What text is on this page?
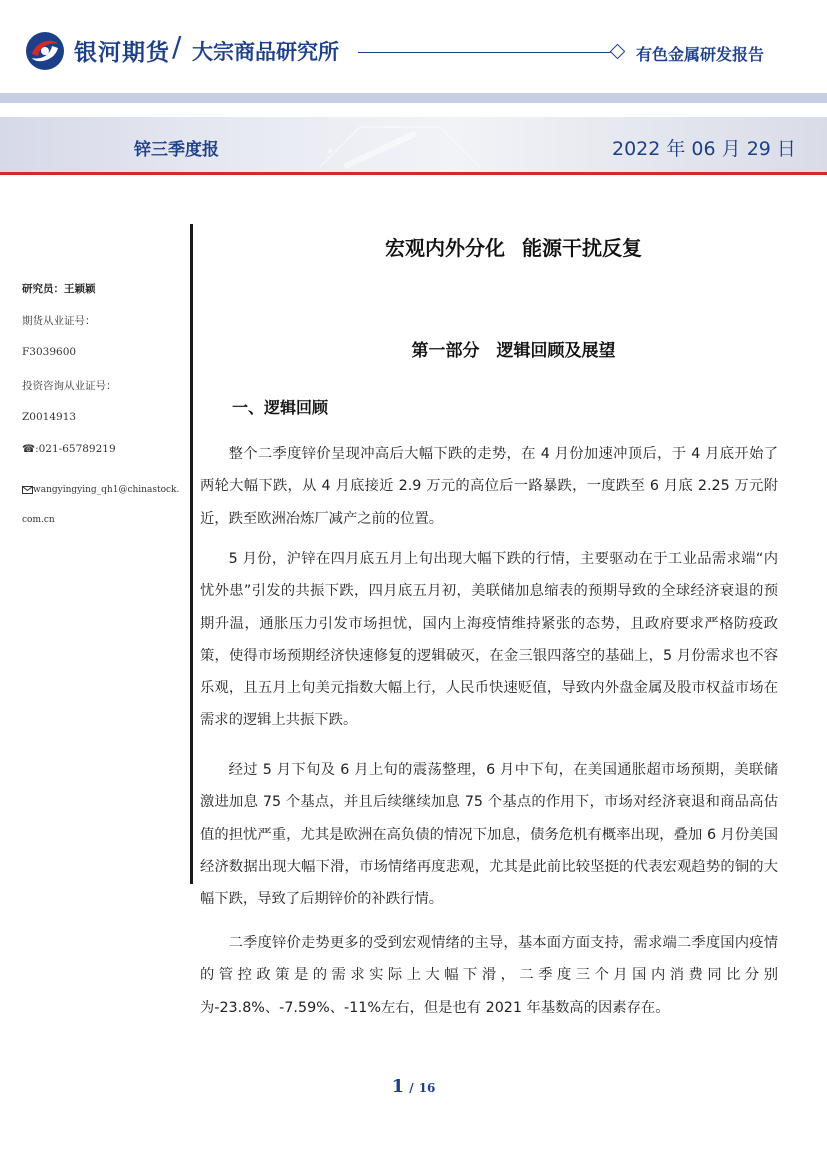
银河期货 / 大宗商品研究所	有色金属研发报告
锌三季度报	2022 年 06 月 29 日
研究员：王颖颖
期货从业证号：
F3039600
投资咨询从业证号：
Z0014913
☎:021-65789219
wangyingying_qh1@chinastock.com.cn
宏观内外分化 能源干扰反复
第一部分　逻辑回顾及展望
一、逻辑回顾

整个二季度锌价呈现冲高后大幅下跌的走势，在 4 月份加速冲顶后，于 4 月底开始了两轮大幅下跌，从 4 月底接近 2.9 万元的高位后一路暴跌，一度跌至 6 月底 2.25 万元附近，跌至欧洲冶炼厂减产之前的位置。

5 月份，沪锌在四月底五月上旬出现大幅下跌的行情，主要驱动在于工业品需求端“内忧外患”引发的共振下跌，四月底五月初，美联储加息缩表的预期导致的全球经济衰退的预期升温，通胀压力引发市场担忧，国内上海疫情维持紧张的态势，且政府要求严格防疫政策，使得市场预期经济快速修复的逻辑破灭，在金三银四落空的基础上，5 月份需求也不容乐观，且五月上旬美元指数大幅上行，人民币快速贬值，导致内外盘金属及股市权益市场在需求的逻辑上共振下跌。

经过 5 月下旬及 6 月上旬的震荡整理，6 月中下旬，在美国通胀超市场预期，美联储激进加息 75 个基点，并且后续继续加息 75 个基点的作用下，市场对经济衰退和商品高估值的担忧严重，尤其是欧洲在高负债的情况下加息，债务危机有概率出现，叠加 6 月份美国经济数据出现大幅下滑，市场情绪再度悲观，尤其是此前比较坚挺的代表宏观趋势的铜的大幅下跌，导致了后期锌价的补跌行情。

二季度锌价走势更多的受到宏观情绪的主导，基本面方面支持，需求端二季度国内疫情的管控政策是的需求实际上大幅下滑，二季度三个月国内消费同比分别为-23.8%、-7.59%、-11%左右，但是也有 2021 年基数高的因素存在。

1 / 16
